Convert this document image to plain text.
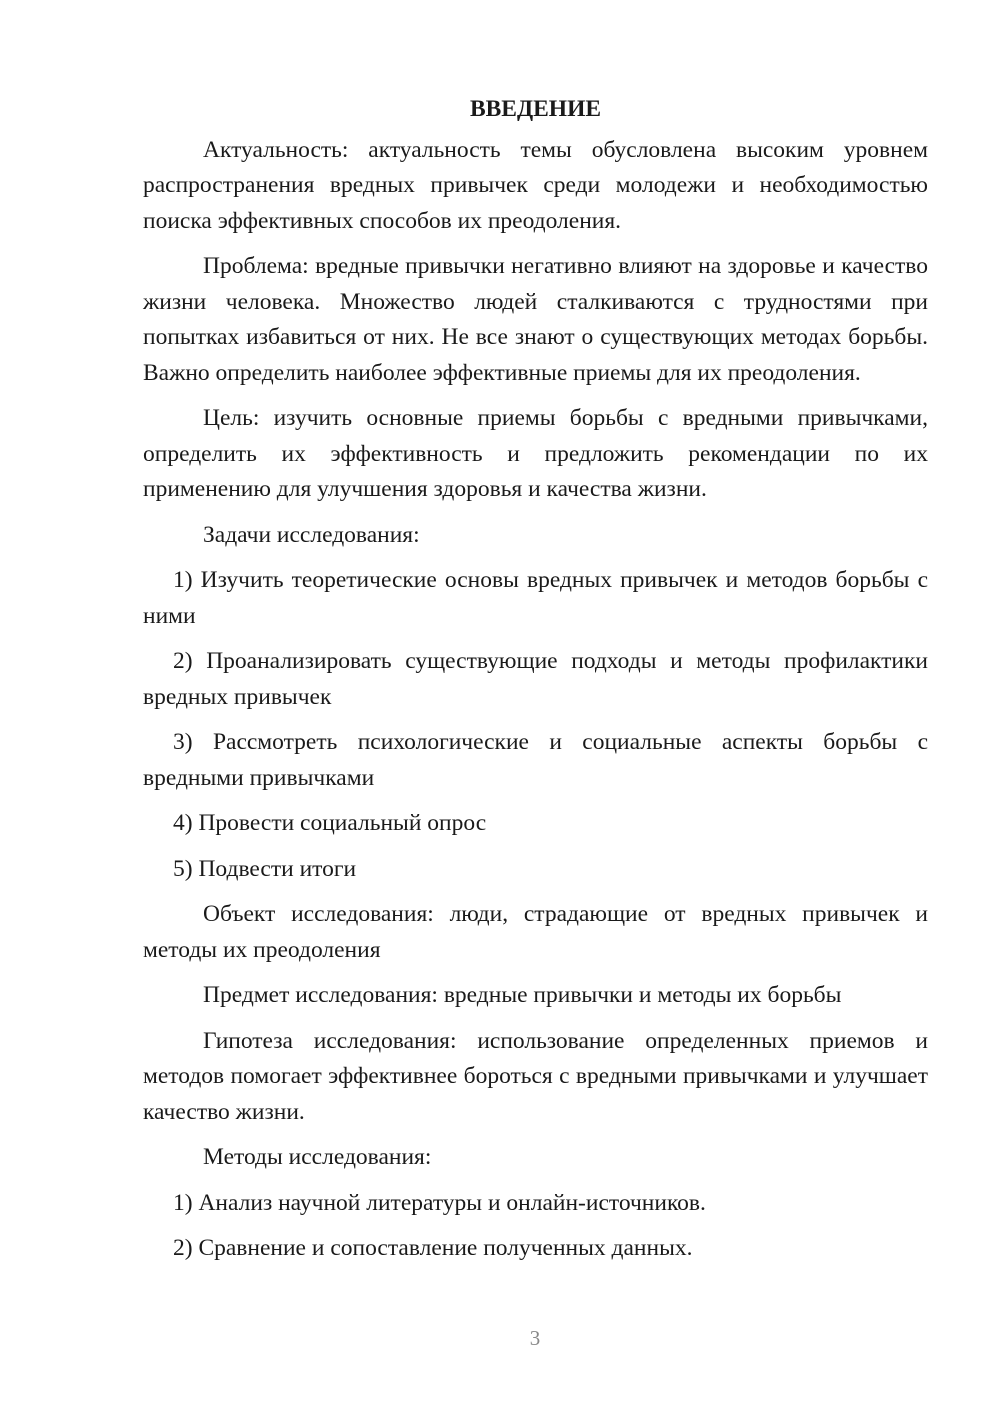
ВВЕДЕНИЕ

Актуальность: актуальность темы обусловлена высоким уровнем распространения вредных привычек среди молодежи и необходимостью поиска эффективных способов их преодоления.

Проблема: вредные привычки негативно влияют на здоровье и качество жизни человека. Множество людей сталкиваются с трудностями при попытках избавиться от них. Не все знают о существующих методах борьбы. Важно определить наиболее эффективные приемы для их преодоления.

Цель: изучить основные приемы борьбы с вредными привычками, определить их эффективность и предложить рекомендации по их применению для улучшения здоровья и качества жизни.

Задачи исследования:

1) Изучить теоретические основы вредных привычек и методов борьбы с ними

2) Проанализировать существующие подходы и методы профилактики вредных привычек

3) Рассмотреть психологические и социальные аспекты борьбы с вредными привычками

4) Провести социальный опрос

5) Подвести итоги

Объект исследования: люди, страдающие от вредных привычек и методы их преодоления

Предмет исследования: вредные привычки и методы их борьбы

Гипотеза исследования: использование определенных приемов и методов помогает эффективнее бороться с вредными привычками и улучшает качество жизни.

Методы исследования:

1) Анализ научной литературы и онлайн-источников.

2) Сравнение и сопоставление полученных данных.

3
